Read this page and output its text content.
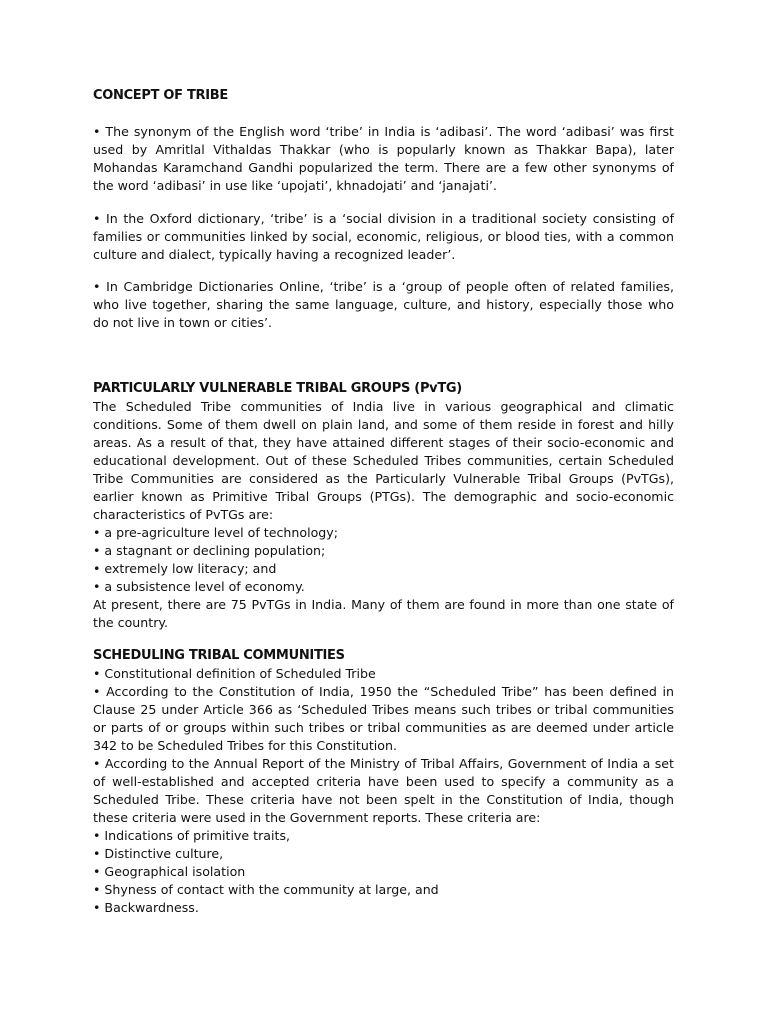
CONCEPT OF TRIBE

• The synonym of the English word ‘tribe’ in India is ‘adibasi’. The word ‘adibasi’ was first used by Amritlal Vithaldas Thakkar (who is popularly known as Thakkar Bapa), later Mohandas Karamchand Gandhi popularized the term. There are a few other synonyms of the word ‘adibasi’ in use like ‘upojati’, khnadojati’ and ‘janajati’.

• In the Oxford dictionary, ‘tribe’ is a ‘social division in a traditional society consisting of families or communities linked by social, economic, religious, or blood ties, with a common culture and dialect, typically having a recognized leader’.

• In Cambridge Dictionaries Online, ‘tribe’ is a ‘group of people often of related families, who live together, sharing the same language, culture, and history, especially those who do not live in town or cities’.

PARTICULARLY VULNERABLE TRIBAL GROUPS (PvTG)

The Scheduled Tribe communities of India live in various geographical and climatic conditions. Some of them dwell on plain land, and some of them reside in forest and hilly areas. As a result of that, they have attained different stages of their socio-economic and educational development. Out of these Scheduled Tribes communities, certain Scheduled Tribe Communities are considered as the Particularly Vulnerable Tribal Groups (PvTGs), earlier known as Primitive Tribal Groups (PTGs). The demographic and socio-economic characteristics of PvTGs are:

• a pre-agriculture level of technology;

• a stagnant or declining population;

• extremely low literacy; and

• a subsistence level of economy.

At present, there are 75 PvTGs in India. Many of them are found in more than one state of the country.

SCHEDULING TRIBAL COMMUNITIES

• Constitutional definition of Scheduled Tribe

• According to the Constitution of India, 1950 the “Scheduled Tribe” has been defined in Clause 25 under Article 366 as ‘Scheduled Tribes means such tribes or tribal communities or parts of or groups within such tribes or tribal communities as are deemed under article 342 to be Scheduled Tribes for this Constitution.

• According to the Annual Report of the Ministry of Tribal Affairs, Government of India a set of well-established and accepted criteria have been used to specify a community as a Scheduled Tribe. These criteria have not been spelt in the Constitution of India, though these criteria were used in the Government reports. These criteria are:

• Indications of primitive traits,

• Distinctive culture,

• Geographical isolation

• Shyness of contact with the community at large, and

• Backwardness.
